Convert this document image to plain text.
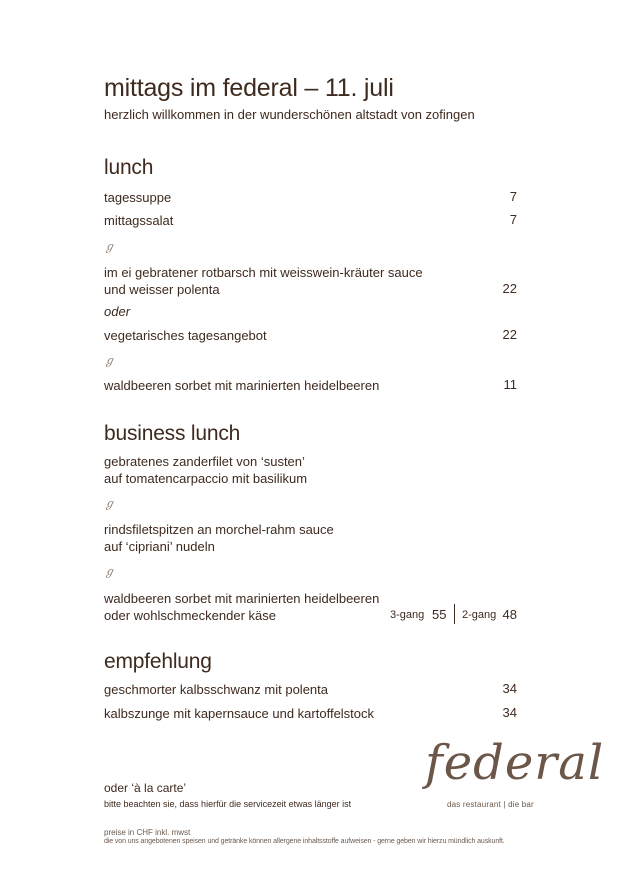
mittags im federal – 11. juli
herzlich willkommen in der wunderschönen altstadt von zofingen
lunch
tagessuppe	7
mittagssalat	7
ℊ
im ei gebratener rotbarsch mit weisswein-kräuter sauce
und weisser polenta	22
oder
vegetarisches tagesangebot	22
ℊ
waldbeeren sorbet mit marinierten heidelbeeren	11
business lunch
gebratenes zanderfilet von ‘susten’
auf tomatencarpaccio mit basilikum
ℊ
rindsfiletspitzen an morchel-rahm sauce
auf ‘cipriani’ nudeln
ℊ
waldbeeren sorbet mit marinierten heidelbeeren
oder wohlschmeckender käse	3-gang 55 2-gang 48
empfehlung
geschmorter kalbsschwanz mit polenta	34
kalbszunge mit kapernsauce und kartoffelstock	34
federal
das restaurant | die bar
oder ‘à la carte’
bitte beachten sie, dass hierfür die servicezeit etwas länger ist
preise in CHF inkl. mwst
die von uns angebotenen speisen und getränke können allergene inhaltsstoffe aufweisen - gerne geben wir hierzu mündlich auskunft.
